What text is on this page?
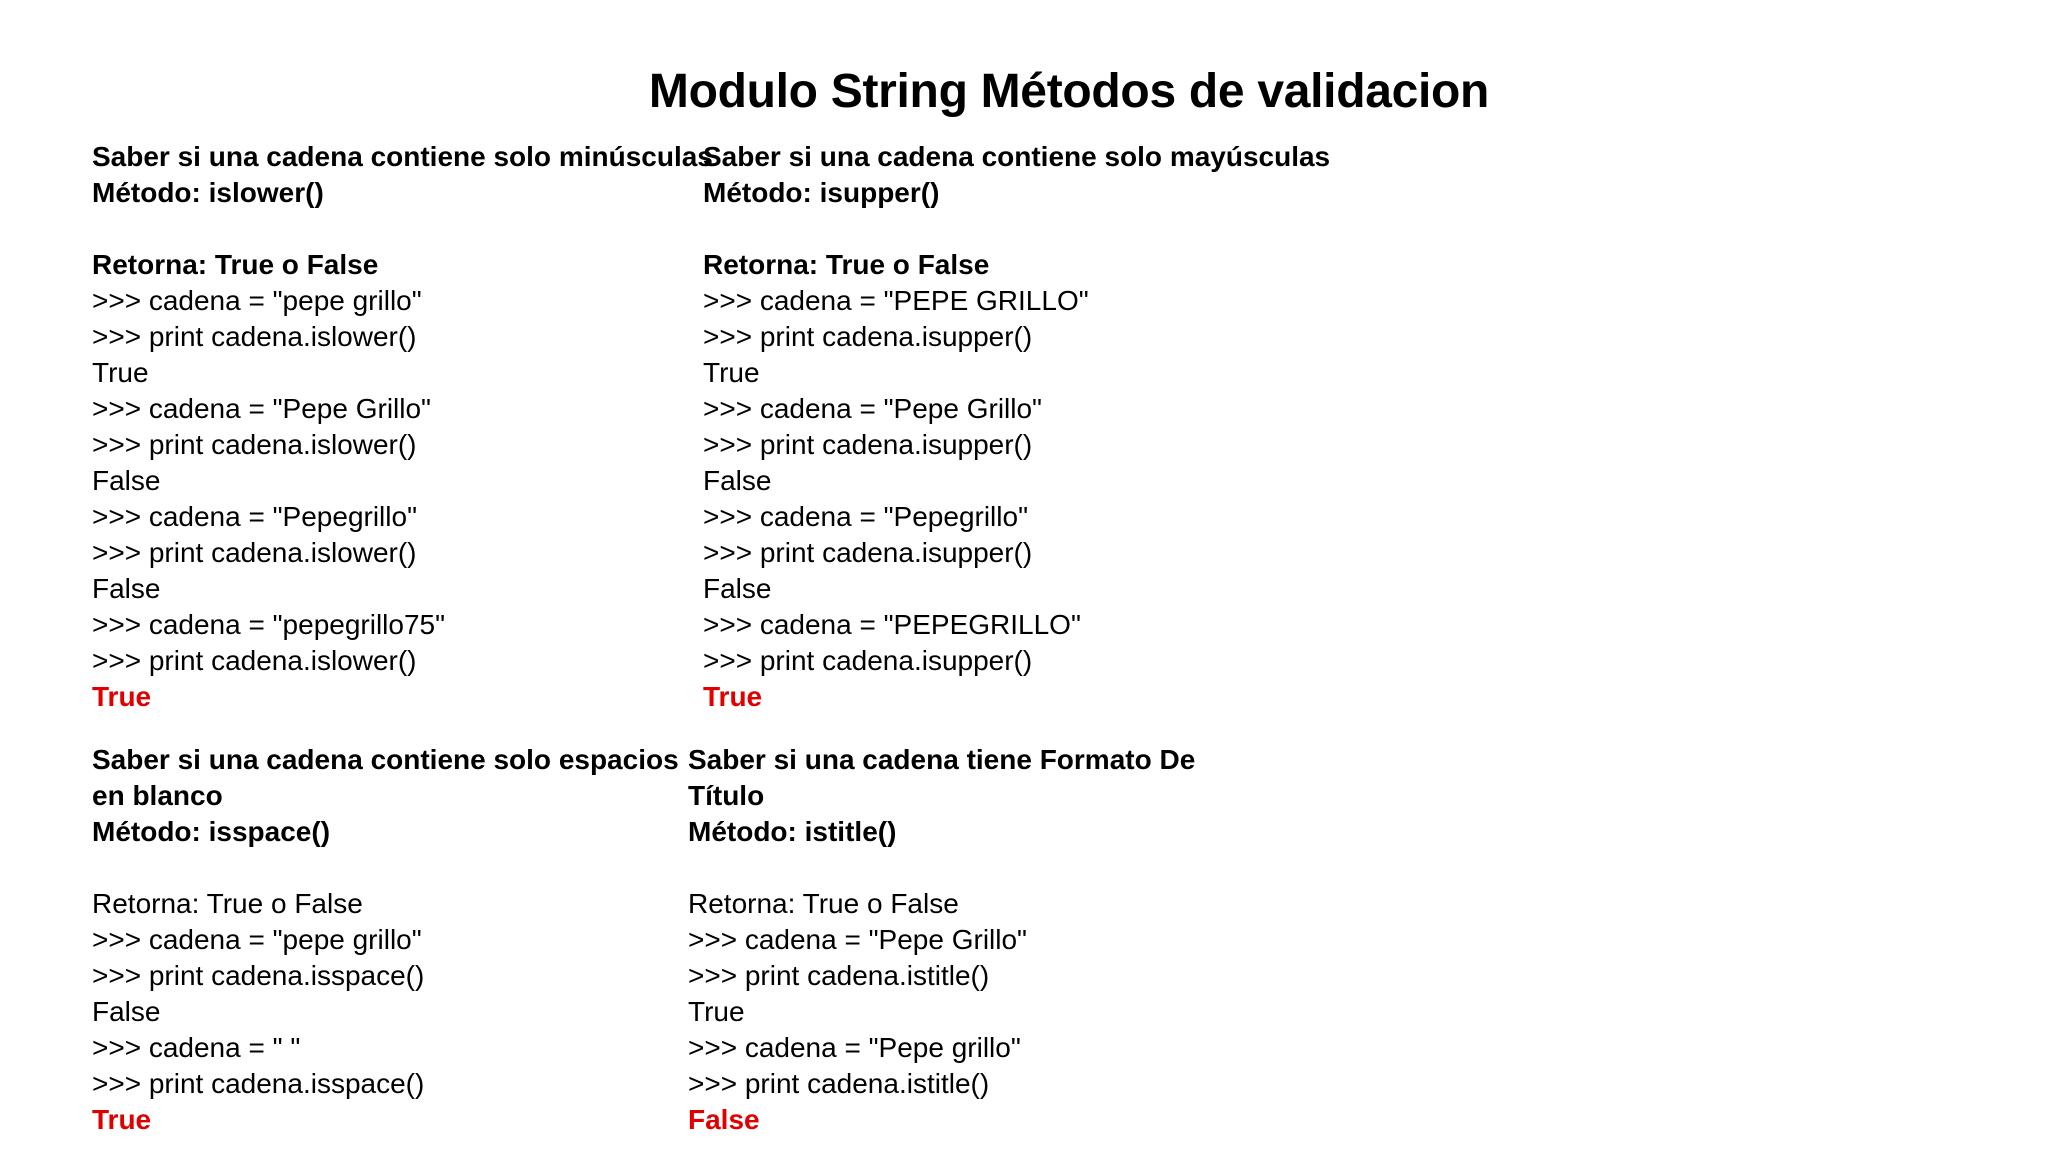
Modulo String Métodos de validacion
Saber si una cadena contiene solo minúsculas
Método: islower()
Retorna: True o False
>>> cadena = "pepe grillo"
>>> print cadena.islower()
True
>>> cadena = "Pepe Grillo"
>>> print cadena.islower()
False
>>> cadena = "Pepegrillo"
>>> print cadena.islower()
False
>>> cadena = "pepegrillo75"
>>> print cadena.islower()
True
Saber si una cadena contiene solo mayúsculas
Método: isupper()
Retorna: True o False
>>> cadena = "PEPE GRILLO"
>>> print cadena.isupper()
True
>>> cadena = "Pepe Grillo"
>>> print cadena.isupper()
False
>>> cadena = "Pepegrillo"
>>> print cadena.isupper()
False
>>> cadena = "PEPEGRILLO"
>>> print cadena.isupper()
True
Saber si una cadena contiene solo espacios
en blanco
Método: isspace()
Retorna: True o False
>>> cadena = "pepe grillo"
>>> print cadena.isspace()
False
>>> cadena = " "
>>> print cadena.isspace()
True
Saber si una cadena tiene Formato De
Título
Método: istitle()
Retorna: True o False
>>> cadena = "Pepe Grillo"
>>> print cadena.istitle()
True
>>> cadena = "Pepe grillo"
>>> print cadena.istitle()
False
